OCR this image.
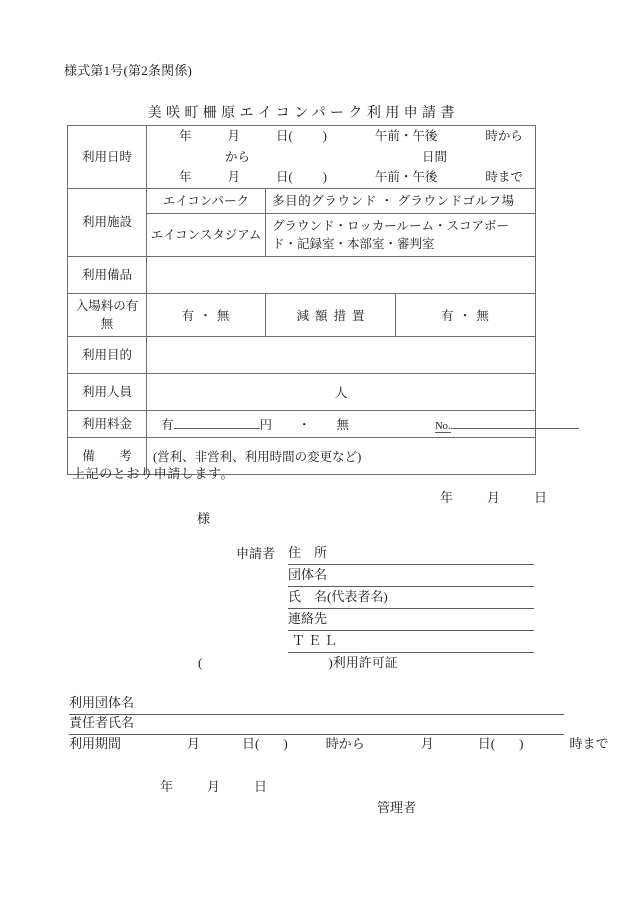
様式第1号(第2条関係)
美咲町柵原エイコンパーク利用申請書
利用日時	年 月 日( ) 午前・午後 時から
から 日間
年 月 日( ) 午前・午後 時まで		

利用施設	エイコンパーク	多目的グラウンド ・ グラウンドゴルフ場	
	エイコンスタジアム	グラウンド・ロッカールーム・スコアボード・記録室・本部室・審判室	
利用備品			
入場料の有無	有 ・ 無	減額措置	有 ・ 無
利用目的			
利用人員	人		
利用料金	有 円 ・ 無 No.		

備　考	(営利、非営利、利用時間の変更など)		
上記のとおり申請します。
年	月	日
様
申請者 住　所
団体名
氏　名(代表者名)
連絡先
ＴＥＬ
(	)利用許可証
利用団体名
責任者氏名
利用期間	月	日( )	時から	月	日( )	時まで
年	月	日
管理者
